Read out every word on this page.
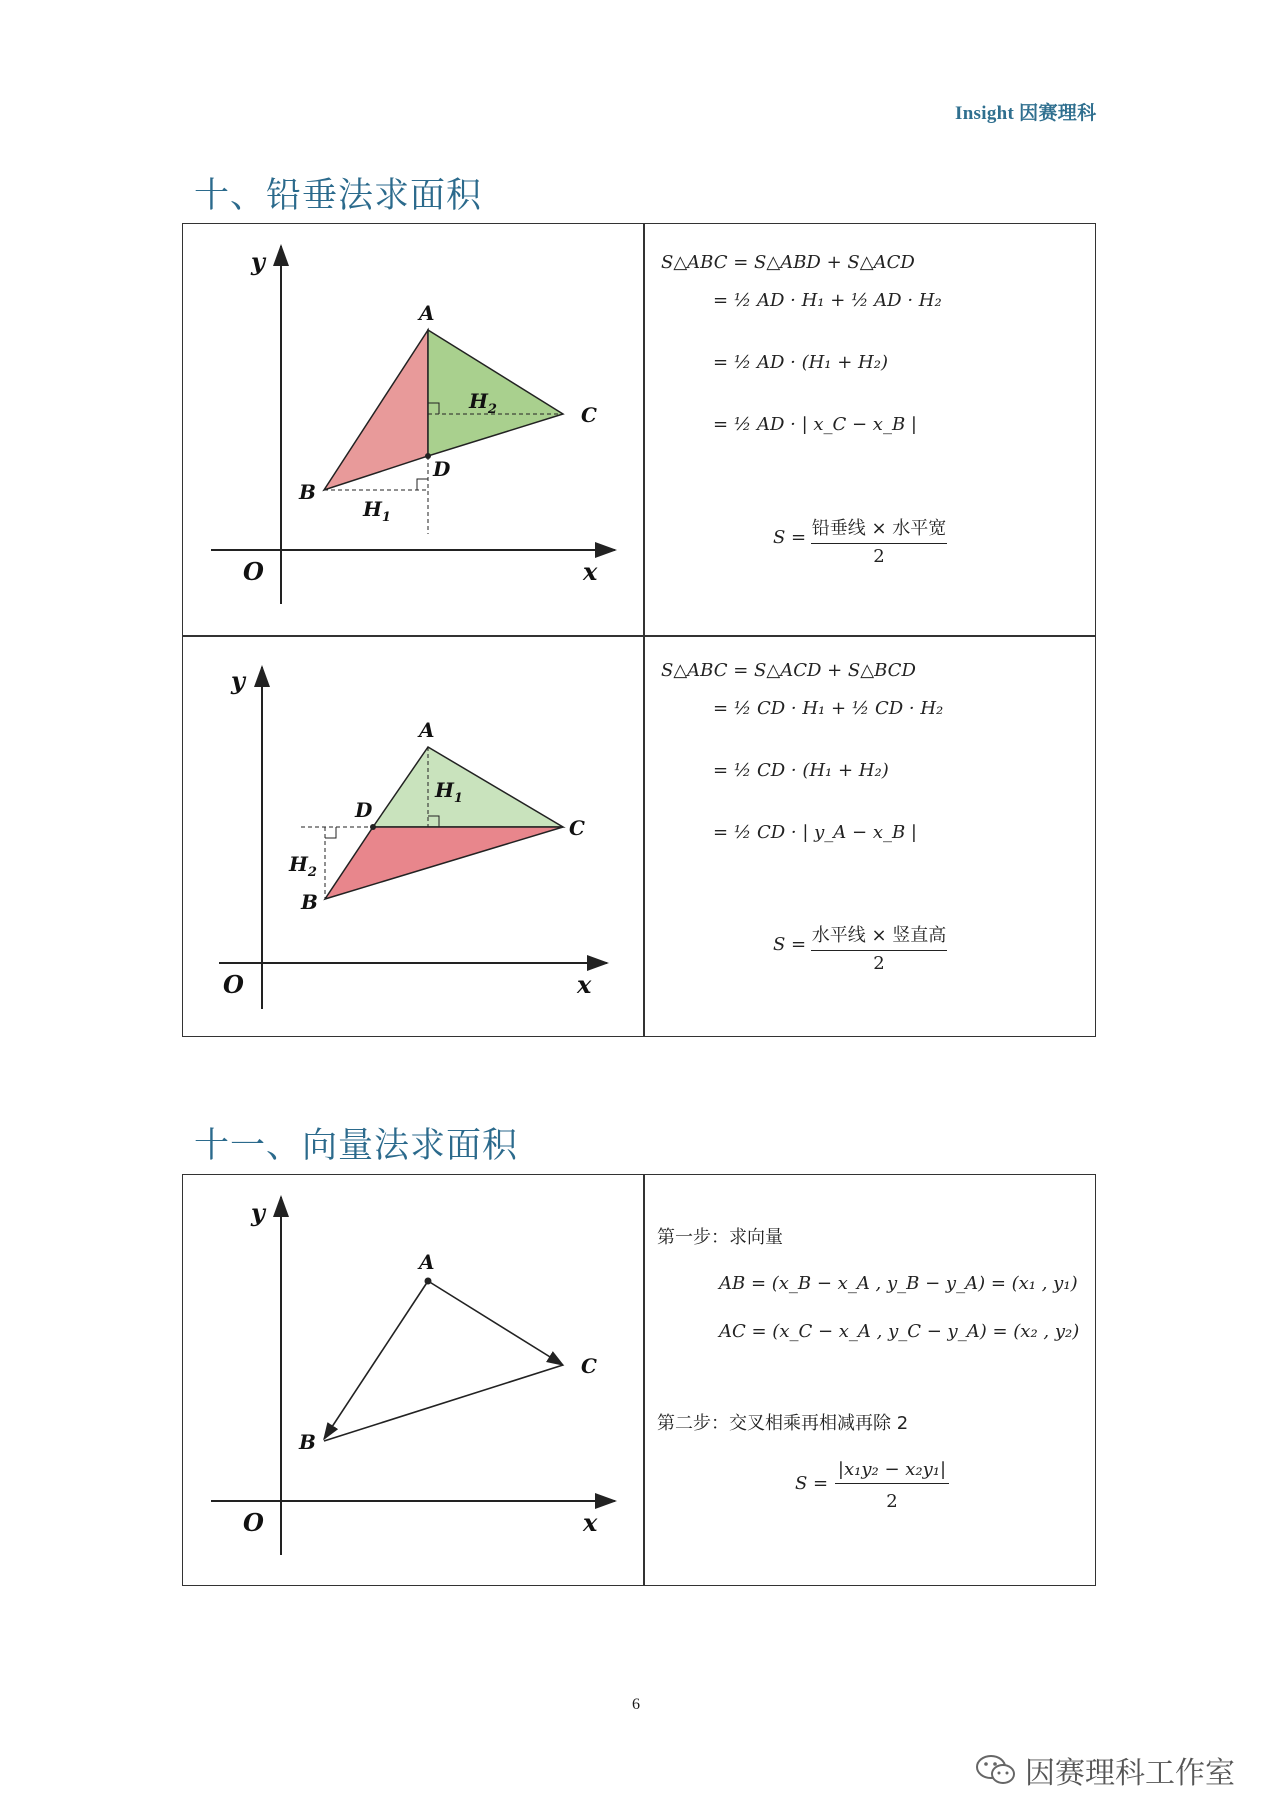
Insight 因赛理科
十、铅垂法求面积
y
x
O
A
B
C
D
$H_2$
$H_1$
S△ABC = S△ABD + S△ACD
= ½ AD · H₁ + ½ AD · H₂
= ½ AD · (H₁ + H₂)
= ½ AD · | x_C − x_B |
S = 铅垂线 × 水平宽
2
y
x
O
A
B
C
D
$H_1$
$H_2$
S△ABC = S△ACD + S△BCD
= ½ CD · H₁ + ½ CD · H₂
= ½ CD · (H₁ + H₂)
= ½ CD · | y_A − x_B |
S = 水平线 × 竖直高
2
十一、向量法求面积
y
x
O
A
B
C
第一步：求向量
AB = (x_B − x_A , y_B − y_A) = (x₁ , y₁)
AC = (x_C − x_A , y_C − y_A) = (x₂ , y₂)
第二步：交叉相乘再相减再除 2
S =
|x₁y₂ − x₂y₁|
2
6
因赛理科工作室
